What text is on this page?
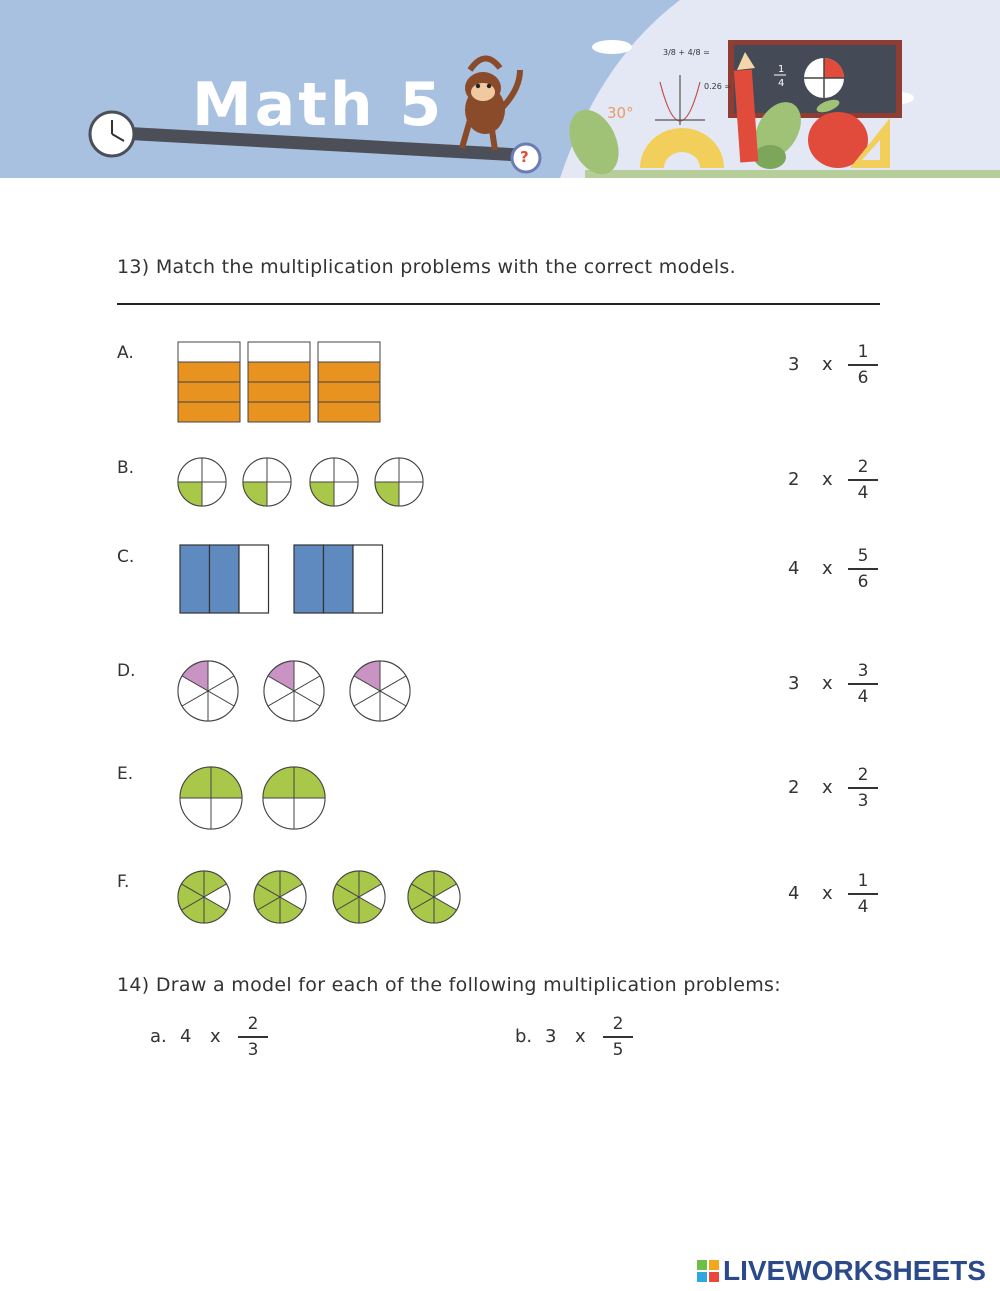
1
4
3/8 + 4/8 =
0.26 =
30°
Math 5
?
13) Match the multiplication problems with the correct models.
A.
B.
C.
D.
E.
F.
3 x
1
6
2 x
2
4
4 x
5
6
3 x
3
4
2 x
2
3
4 x
1
4
14) Draw a model for each of the following multiplication problems:
a. 4 x
2
3
b. 3 x
2
5
LIVEWORKSHEETS
